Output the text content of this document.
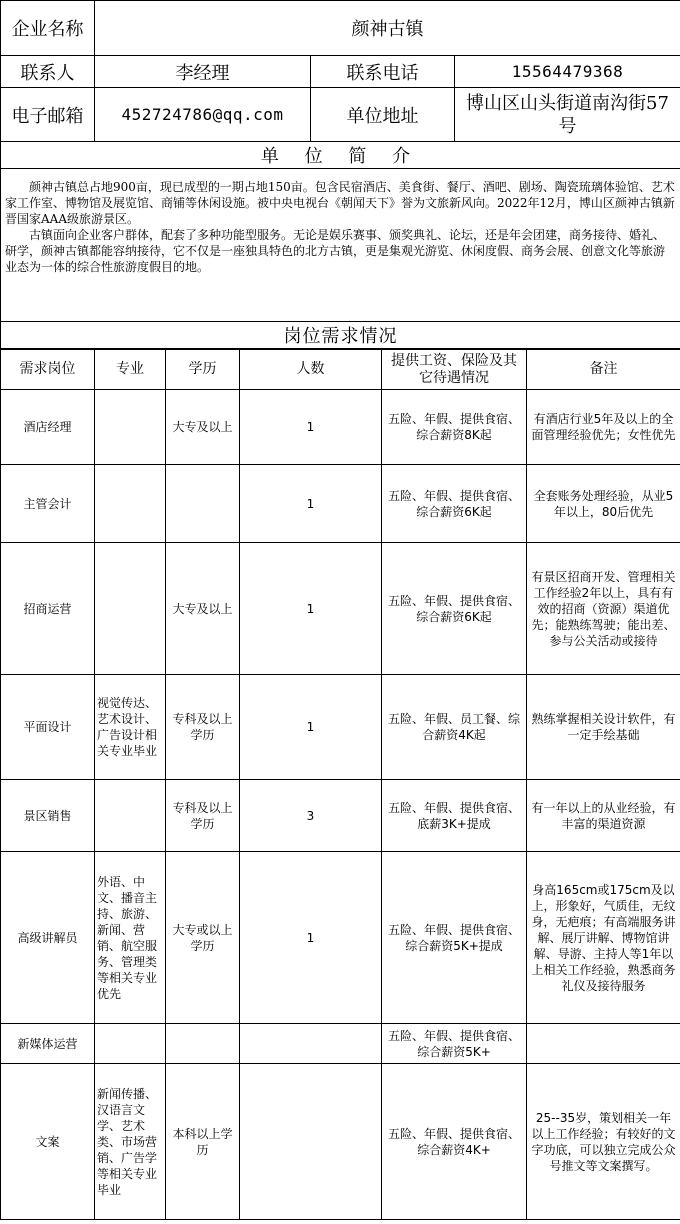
企业名称	颜神古镇		
联系人	李经理	联系电话	15564479368
电子邮箱	452724786@qq.com	单位地址	博山区山头街道南沟街57号
单 位 简 介			

颜神古镇总占地900亩，现已成型的一期占地150亩。包含民宿酒店、美食街、餐厅、酒吧、剧场、陶瓷琉璃体验馆、艺术家工作室、博物馆及展览馆、商铺等休闲设施。被中央电视台《朝闻天下》誉为文旅新风向。2022年12月，博山区颜神古镇新晋国家AAA级旅游景区。

古镇面向企业客户群体，配套了多种功能型服务。无论是娱乐赛事、颁奖典礼、论坛，还是年会团建，商务接待、婚礼、研学，颜神古镇都能容纳接待，它不仅是一座独具特色的北方古镇，更是集观光游览、休闲度假、商务会展、创意文化等旅游业态为一体的综合性旅游度假目的地。			

岗位需求情况			
需求岗位	专业	学历	人数	提供工资、保险及其它待遇情况	备注
酒店经理		大专及以上	1	五险、年假、提供食宿、综合薪资8K起	有酒店行业5年及以上的全面管理经验优先；女性优先
主管会计			1	五险、年假、提供食宿、综合薪资6K起	全套账务处理经验，从业5年以上，80后优先
招商运营		大专及以上	1	五险、年假、提供食宿、综合薪资6K起	有景区招商开发、管理相关工作经验2年以上，具有有效的招商（资源）渠道优先；能熟练驾驶；能出差、参与公关活动或接待
平面设计	视觉传达、艺术设计、广告设计相关专业毕业	专科及以上学历	1	五险、年假、员工餐、综合薪资4K起	熟练掌握相关设计软件，有一定手绘基础
景区销售		专科及以上学历	3	五险、年假、提供食宿、底薪3K+提成	有一年以上的从业经验，有丰富的渠道资源
高级讲解员	外语、中文、播音主持、旅游、新闻、营销、航空服务、管理类等相关专业优先	大专或以上学历	1	五险、年假、提供食宿、综合薪资5K+提成	身高165cm或175cm及以上，形象好，气质佳，无纹身，无疤痕；有高端服务讲解、展厅讲解、博物馆讲解、导游、主持人等1年以上相关工作经验，熟悉商务礼仪及接待服务
新媒体运营				五险、年假、提供食宿、综合薪资5K+	
文案	新闻传播、汉语言文学、艺术类、市场营销、广告学等相关专业毕业	本科以上学历		五险、年假、提供食宿、综合薪资4K+	25--35岁，策划相关一年以上工作经验；有较好的文字功底，可以独立完成公众号推文等文案撰写。
